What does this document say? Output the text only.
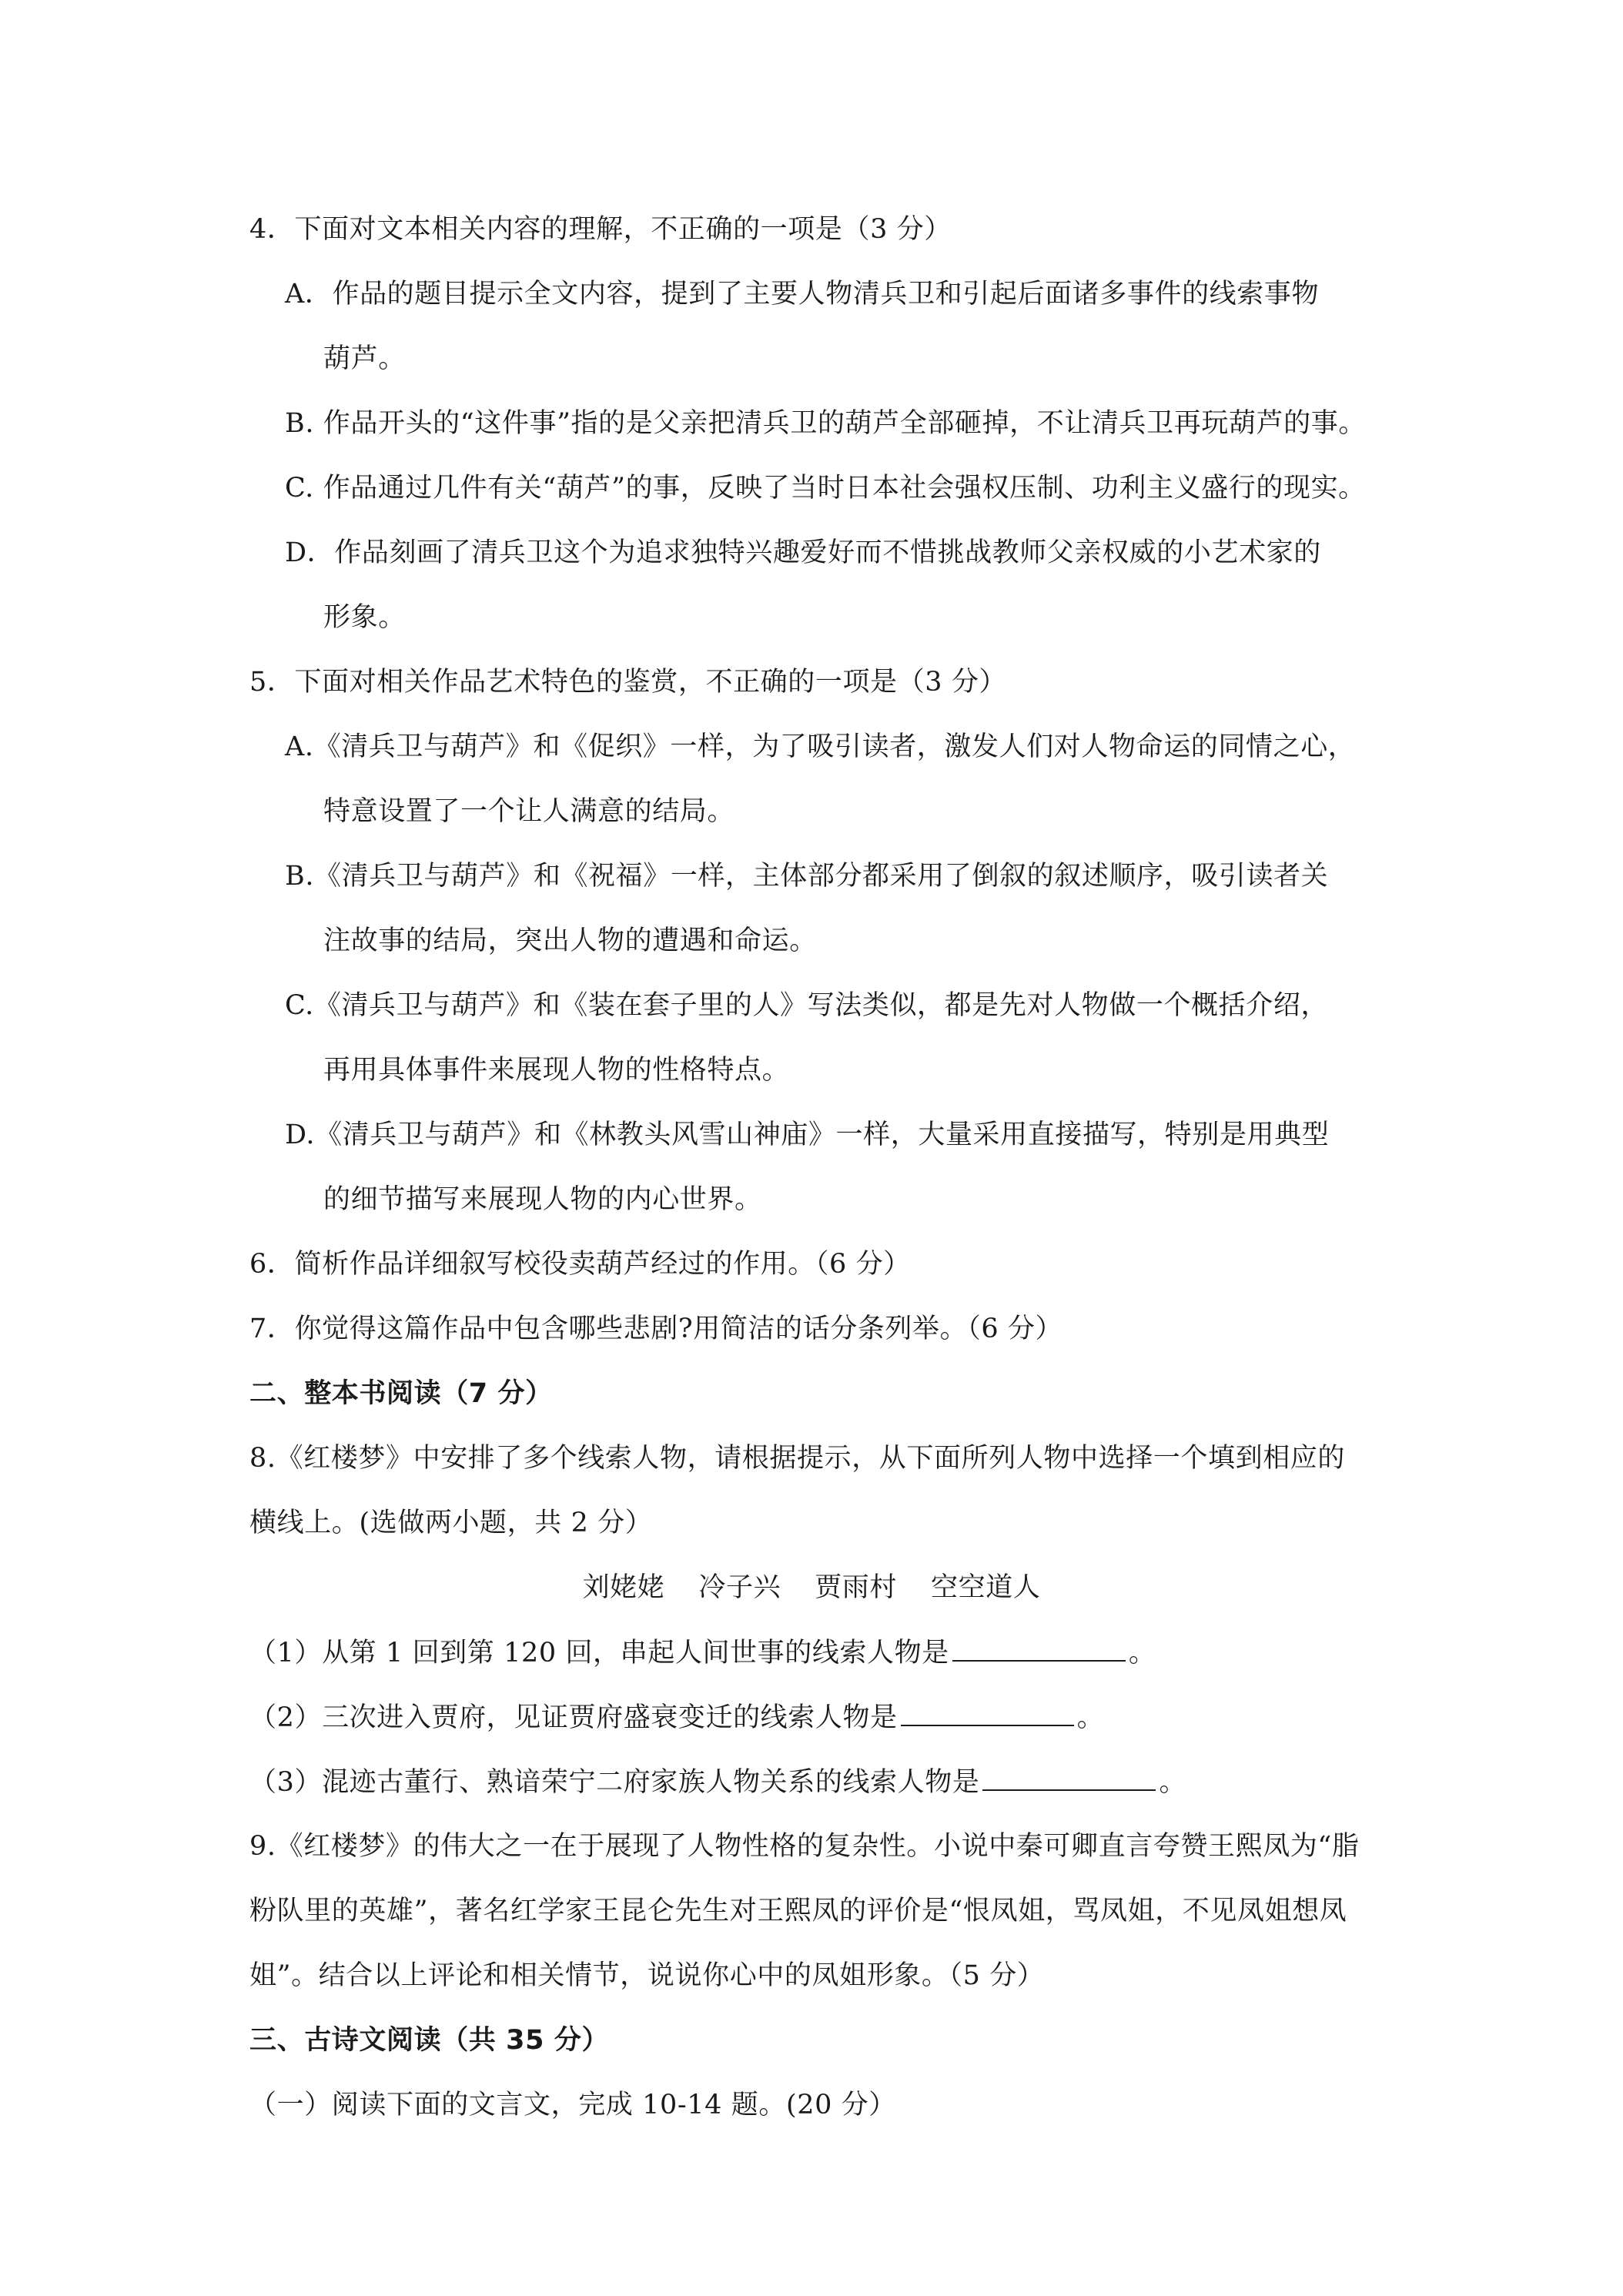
4．下面对文本相关内容的理解，不正确的一项是（3 分）
A．作品的题目提示全文内容，提到了主要人物清兵卫和引起后面诸多事件的线索事物
葫芦。
B. 作品开头的“这件事”指的是父亲把清兵卫的葫芦全部砸掉，不让清兵卫再玩葫芦的事。
C. 作品通过几件有关“葫芦”的事，反映了当时日本社会强权压制、功利主义盛行的现实。
D．作品刻画了清兵卫这个为追求独特兴趣爱好而不惜挑战教师父亲权威的小艺术家的
形象。
5．下面对相关作品艺术特色的鉴赏，不正确的一项是（3 分）
A.《清兵卫与葫芦》和《促织》一样，为了吸引读者，激发人们对人物命运的同情之心，
特意设置了一个让人满意的结局。
B.《清兵卫与葫芦》和《祝福》一样，主体部分都采用了倒叙的叙述顺序，吸引读者关
注故事的结局，突出人物的遭遇和命运。
C.《清兵卫与葫芦》和《装在套子里的人》写法类似，都是先对人物做一个概括介绍，
再用具体事件来展现人物的性格特点。
D.《清兵卫与葫芦》和《林教头风雪山神庙》一样，大量采用直接描写，特别是用典型
的细节描写来展现人物的内心世界。
6．简析作品详细叙写校役卖葫芦经过的作用。（6 分）
7．你觉得这篇作品中包含哪些悲剧?用简洁的话分条列举。（6 分）
二、整本书阅读（7 分）
8.《红楼梦》中安排了多个线索人物，请根据提示，从下面所列人物中选择一个填到相应的
横线上。(选做两小题，共 2 分）
刘姥姥 冷子兴 贾雨村 空空道人
（1）从第 1 回到第 120 回，串起人间世事的线索人物是	。
（2）三次进入贾府，见证贾府盛衰变迁的线索人物是	。
（3）混迹古董行、熟谙荣宁二府家族人物关系的线索人物是	。
9.《红楼梦》的伟大之一在于展现了人物性格的复杂性。小说中秦可卿直言夸赞王熙凤为“脂
粉队里的英雄”，著名红学家王昆仑先生对王熙凤的评价是“恨凤姐，骂凤姐，不见凤姐想凤
姐”。结合以上评论和相关情节，说说你心中的凤姐形象。（5 分）
三、古诗文阅读（共 35 分）
（一）阅读下面的文言文，完成 10-14 题。(20 分）
